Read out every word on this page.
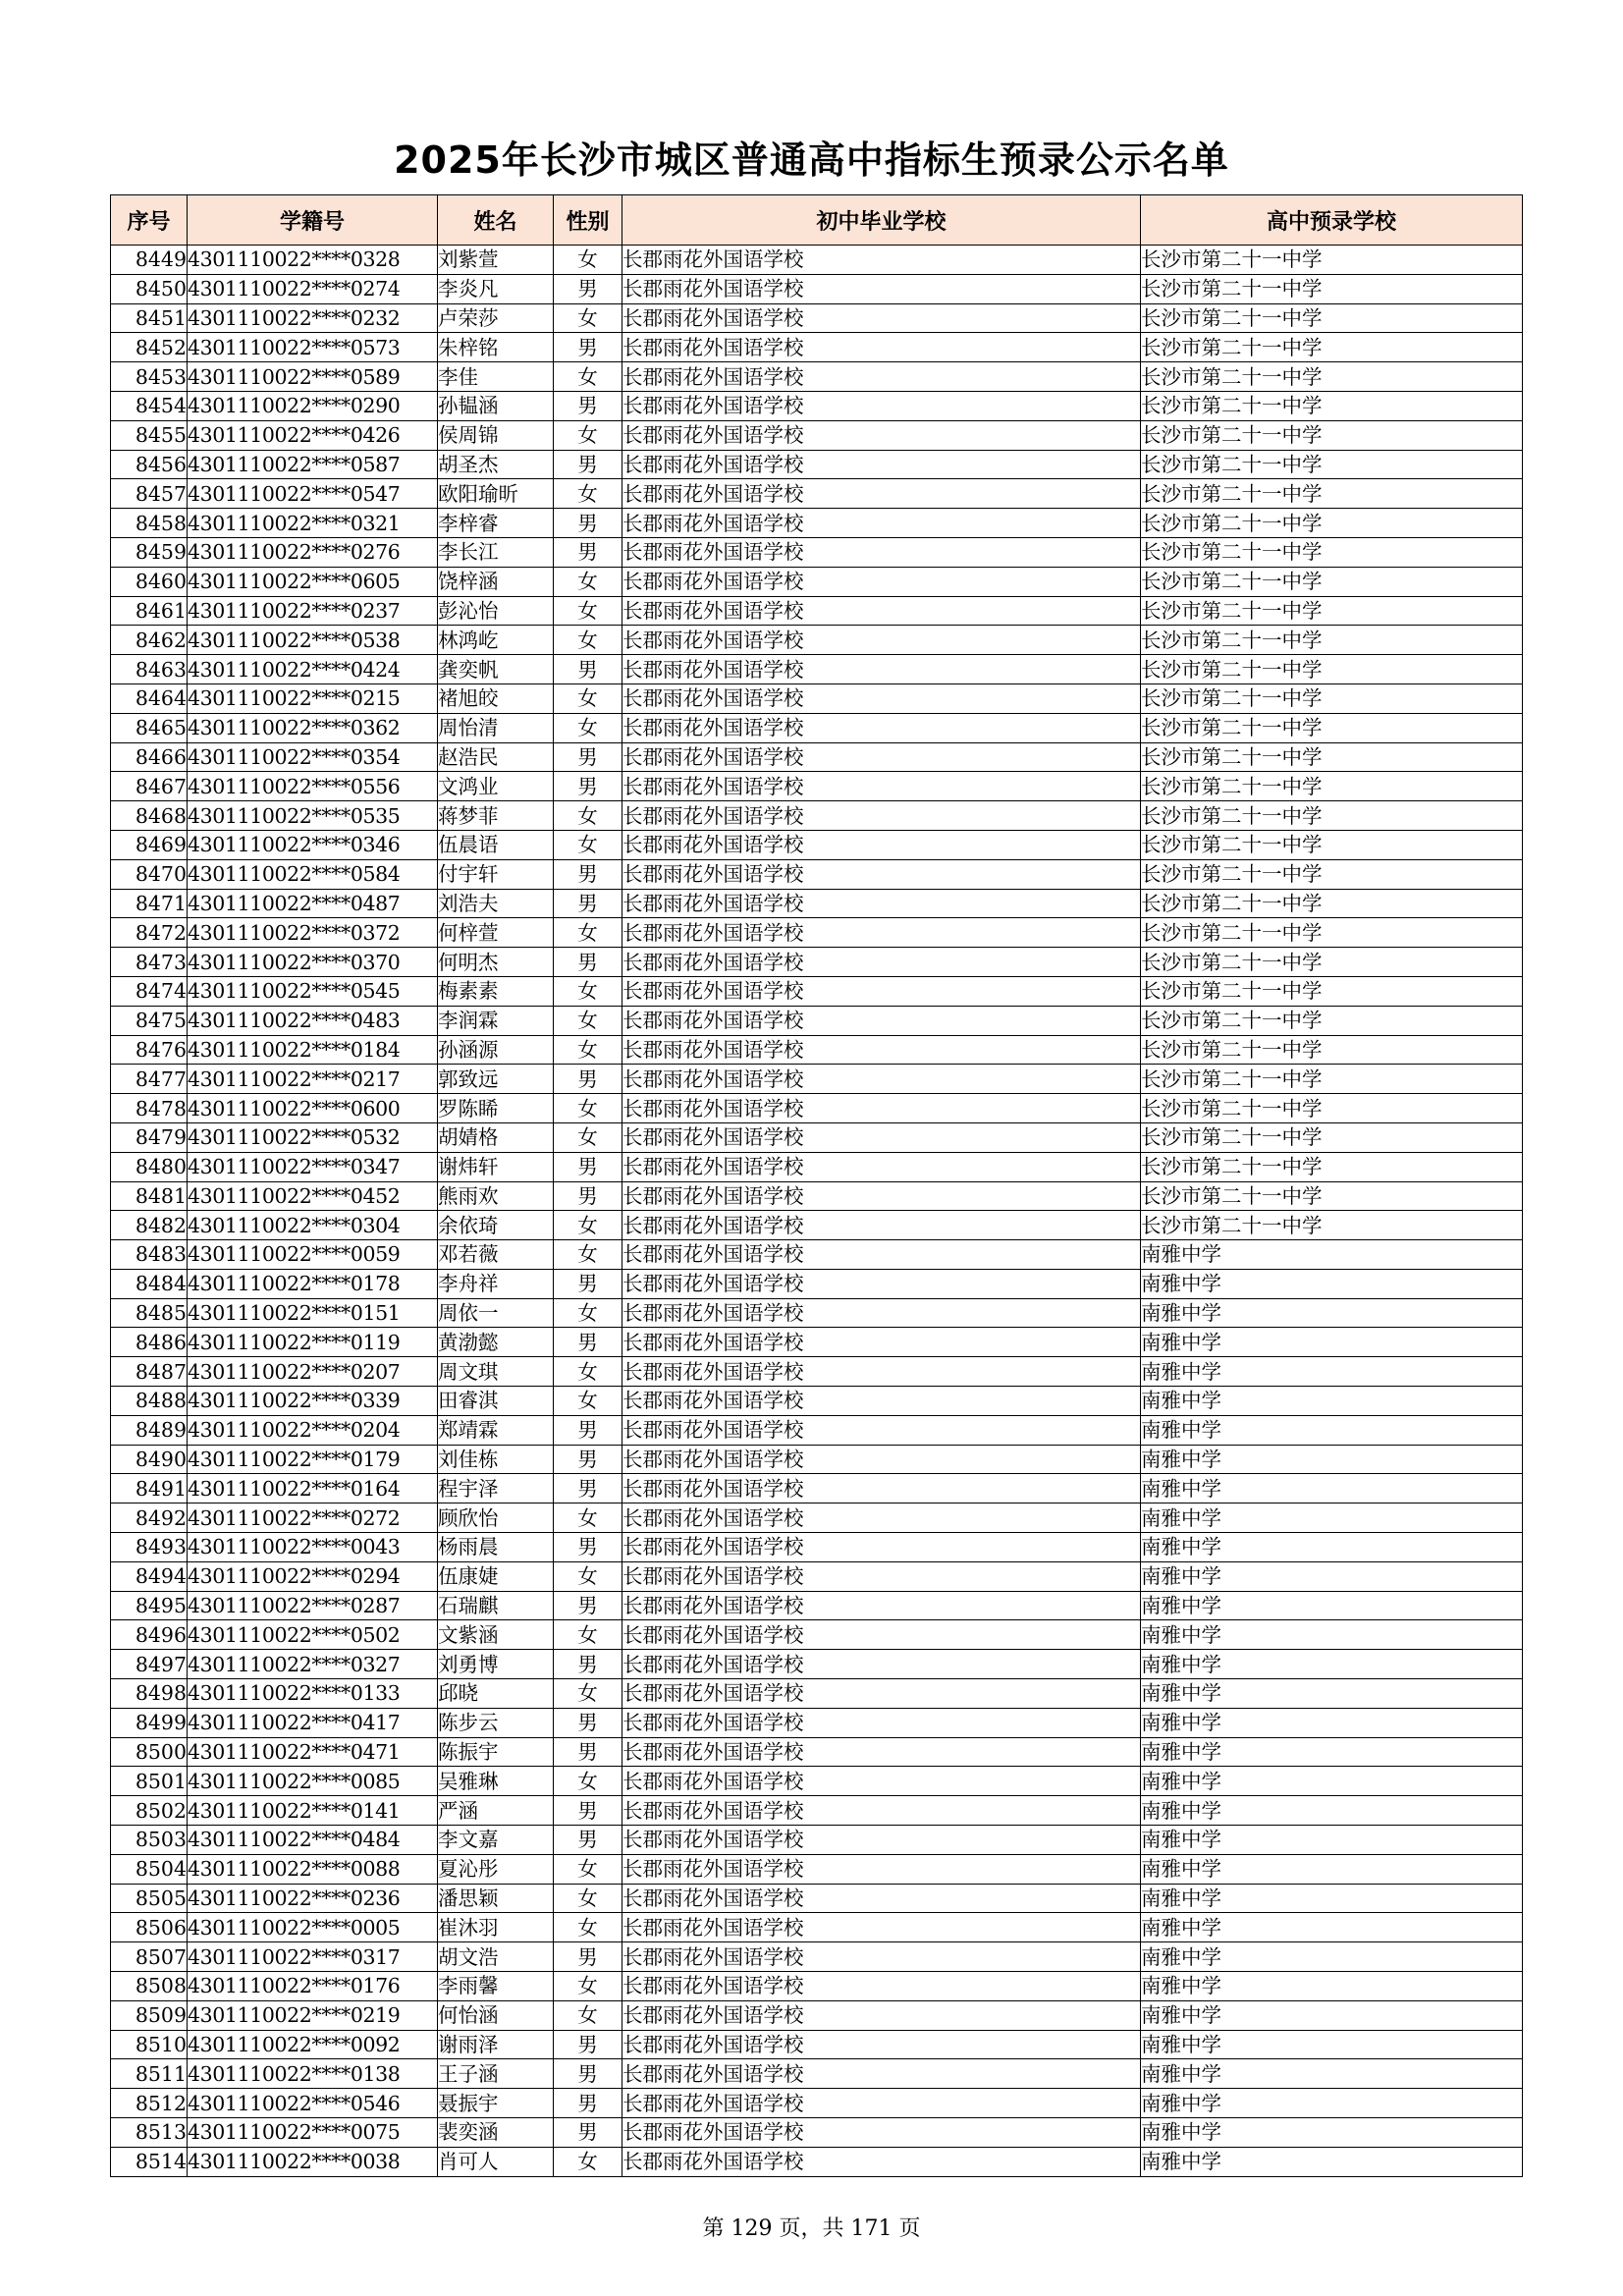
2025年长沙市城区普通高中指标生预录公示名单
序号	学籍号	姓名	性别	初中毕业学校	高中预录学校
8449	4301110022****0328	刘紫萱	女	长郡雨花外国语学校	长沙市第二十一中学
8450	4301110022****0274	李炎凡	男	长郡雨花外国语学校	长沙市第二十一中学
8451	4301110022****0232	卢荣莎	女	长郡雨花外国语学校	长沙市第二十一中学
8452	4301110022****0573	朱梓铭	男	长郡雨花外国语学校	长沙市第二十一中学
8453	4301110022****0589	李佳	女	长郡雨花外国语学校	长沙市第二十一中学
8454	4301110022****0290	孙韫涵	男	长郡雨花外国语学校	长沙市第二十一中学
8455	4301110022****0426	侯周锦	女	长郡雨花外国语学校	长沙市第二十一中学
8456	4301110022****0587	胡圣杰	男	长郡雨花外国语学校	长沙市第二十一中学
8457	4301110022****0547	欧阳瑜昕	女	长郡雨花外国语学校	长沙市第二十一中学
8458	4301110022****0321	李梓睿	男	长郡雨花外国语学校	长沙市第二十一中学
8459	4301110022****0276	李长江	男	长郡雨花外国语学校	长沙市第二十一中学
8460	4301110022****0605	饶梓涵	女	长郡雨花外国语学校	长沙市第二十一中学
8461	4301110022****0237	彭沁怡	女	长郡雨花外国语学校	长沙市第二十一中学
8462	4301110022****0538	林鸿屹	女	长郡雨花外国语学校	长沙市第二十一中学
8463	4301110022****0424	龚奕帆	男	长郡雨花外国语学校	长沙市第二十一中学
8464	4301110022****0215	褚旭皎	女	长郡雨花外国语学校	长沙市第二十一中学
8465	4301110022****0362	周怡清	女	长郡雨花外国语学校	长沙市第二十一中学
8466	4301110022****0354	赵浩民	男	长郡雨花外国语学校	长沙市第二十一中学
8467	4301110022****0556	文鸿业	男	长郡雨花外国语学校	长沙市第二十一中学
8468	4301110022****0535	蒋梦菲	女	长郡雨花外国语学校	长沙市第二十一中学
8469	4301110022****0346	伍晨语	女	长郡雨花外国语学校	长沙市第二十一中学
8470	4301110022****0584	付宇轩	男	长郡雨花外国语学校	长沙市第二十一中学
8471	4301110022****0487	刘浩夫	男	长郡雨花外国语学校	长沙市第二十一中学
8472	4301110022****0372	何梓萱	女	长郡雨花外国语学校	长沙市第二十一中学
8473	4301110022****0370	何明杰	男	长郡雨花外国语学校	长沙市第二十一中学
8474	4301110022****0545	梅素素	女	长郡雨花外国语学校	长沙市第二十一中学
8475	4301110022****0483	李润霖	女	长郡雨花外国语学校	长沙市第二十一中学
8476	4301110022****0184	孙涵源	女	长郡雨花外国语学校	长沙市第二十一中学
8477	4301110022****0217	郭致远	男	长郡雨花外国语学校	长沙市第二十一中学
8478	4301110022****0600	罗陈睎	女	长郡雨花外国语学校	长沙市第二十一中学
8479	4301110022****0532	胡婧格	女	长郡雨花外国语学校	长沙市第二十一中学
8480	4301110022****0347	谢炜轩	男	长郡雨花外国语学校	长沙市第二十一中学
8481	4301110022****0452	熊雨欢	男	长郡雨花外国语学校	长沙市第二十一中学
8482	4301110022****0304	余依琦	女	长郡雨花外国语学校	长沙市第二十一中学
8483	4301110022****0059	邓若薇	女	长郡雨花外国语学校	南雅中学
8484	4301110022****0178	李舟祥	男	长郡雨花外国语学校	南雅中学
8485	4301110022****0151	周依一	女	长郡雨花外国语学校	南雅中学
8486	4301110022****0119	黄渤懿	男	长郡雨花外国语学校	南雅中学
8487	4301110022****0207	周文琪	女	长郡雨花外国语学校	南雅中学
8488	4301110022****0339	田睿淇	女	长郡雨花外国语学校	南雅中学
8489	4301110022****0204	郑靖霖	男	长郡雨花外国语学校	南雅中学
8490	4301110022****0179	刘佳栋	男	长郡雨花外国语学校	南雅中学
8491	4301110022****0164	程宇泽	男	长郡雨花外国语学校	南雅中学
8492	4301110022****0272	顾欣怡	女	长郡雨花外国语学校	南雅中学
8493	4301110022****0043	杨雨晨	男	长郡雨花外国语学校	南雅中学
8494	4301110022****0294	伍康婕	女	长郡雨花外国语学校	南雅中学
8495	4301110022****0287	石瑞麒	男	长郡雨花外国语学校	南雅中学
8496	4301110022****0502	文紫涵	女	长郡雨花外国语学校	南雅中学
8497	4301110022****0327	刘勇博	男	长郡雨花外国语学校	南雅中学
8498	4301110022****0133	邱晓	女	长郡雨花外国语学校	南雅中学
8499	4301110022****0417	陈步云	男	长郡雨花外国语学校	南雅中学
8500	4301110022****0471	陈振宇	男	长郡雨花外国语学校	南雅中学
8501	4301110022****0085	吴雅琳	女	长郡雨花外国语学校	南雅中学
8502	4301110022****0141	严涵	男	长郡雨花外国语学校	南雅中学
8503	4301110022****0484	李文嘉	男	长郡雨花外国语学校	南雅中学
8504	4301110022****0088	夏沁彤	女	长郡雨花外国语学校	南雅中学
8505	4301110022****0236	潘思颖	女	长郡雨花外国语学校	南雅中学
8506	4301110022****0005	崔沐羽	女	长郡雨花外国语学校	南雅中学
8507	4301110022****0317	胡文浩	男	长郡雨花外国语学校	南雅中学
8508	4301110022****0176	李雨馨	女	长郡雨花外国语学校	南雅中学
8509	4301110022****0219	何怡涵	女	长郡雨花外国语学校	南雅中学
8510	4301110022****0092	谢雨泽	男	长郡雨花外国语学校	南雅中学
8511	4301110022****0138	王子涵	男	长郡雨花外国语学校	南雅中学
8512	4301110022****0546	聂振宇	男	长郡雨花外国语学校	南雅中学
8513	4301110022****0075	裴奕涵	男	长郡雨花外国语学校	南雅中学
8514	4301110022****0038	肖可人	女	长郡雨花外国语学校	南雅中学
第 129 页，共 171 页
